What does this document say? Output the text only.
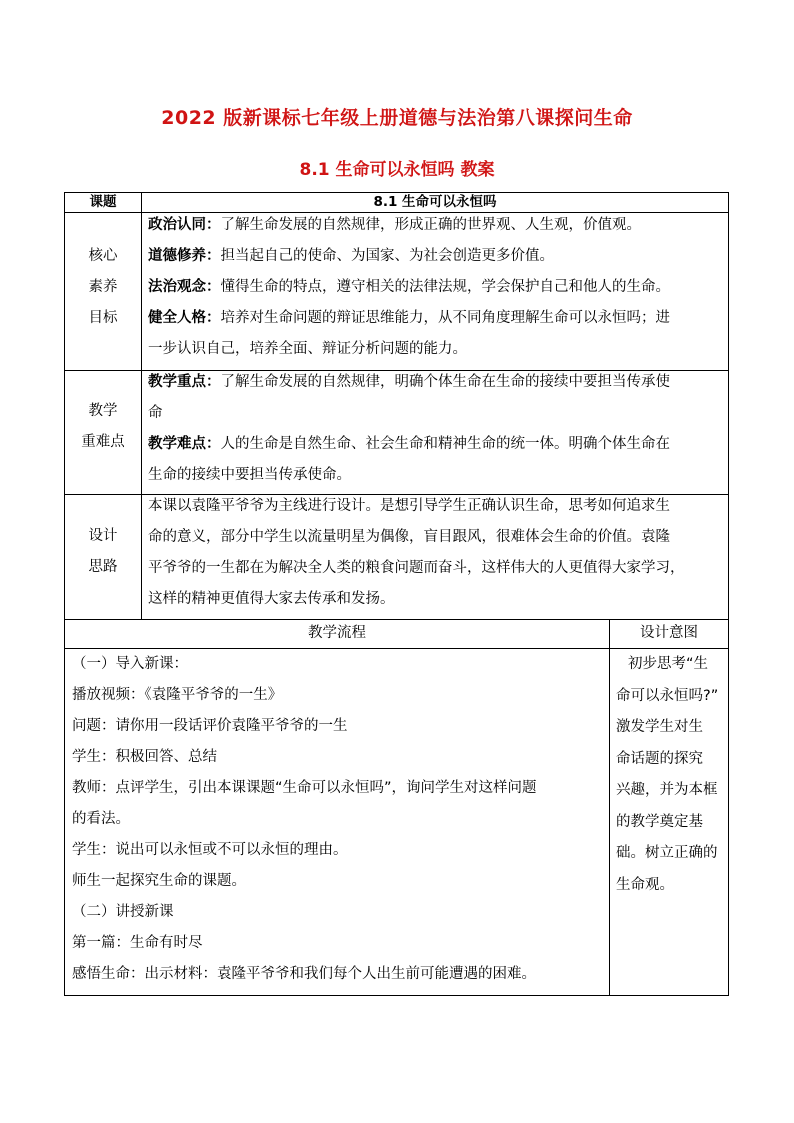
2022 版新课标七年级上册道德与法治第八课探问生命
8.1 生命可以永恒吗 教案
课题	8.1 生命可以永恒吗
核心
素养
目标
政治认同：了解生命发展的自然规律，形成正确的世界观、人生观，价值观。
道德修养：担当起自己的使命、为国家、为社会创造更多价值。
法治观念：懂得生命的特点，遵守相关的法律法规，学会保护自己和他人的生命。
健全人格：培养对生命问题的辩证思维能力，从不同角度理解生命可以永恒吗；进
一步认识自己，培养全面、辩证分析问题的能力。
教学
重难点
教学重点：了解生命发展的自然规律，明确个体生命在生命的接续中要担当传承使
命
教学难点：人的生命是自然生命、社会生命和精神生命的统一体。明确个体生命在
生命的接续中要担当传承使命。
设计
思路
本课以袁隆平爷爷为主线进行设计。是想引导学生正确认识生命，思考如何追求生
命的意义，部分中学生以流量明星为偶像，盲目跟风，很难体会生命的价值。袁隆
平爷爷的一生都在为解决全人类的粮食问题而奋斗，这样伟大的人更值得大家学习，
这样的精神更值得大家去传承和发扬。
教学流程	设计意图
（一）导入新课：
播放视频：《袁隆平爷爷的一生》
问题：请你用一段话评价袁隆平爷爷的一生
学生：积极回答、总结
教师：点评学生，引出本课课题“生命可以永恒吗”，询问学生对这样问题
的看法。
学生：说出可以永恒或不可以永恒的理由。
师生一起探究生命的课题。
（二）讲授新课
第一篇：生命有时尽
感悟生命：出示材料：袁隆平爷爷和我们每个人出生前可能遭遇的困难。
初步思考“生
命可以永恒吗?”
激发学生对生
命话题的探究
兴趣，并为本框
的教学奠定基
础。树立正确的
生命观。
